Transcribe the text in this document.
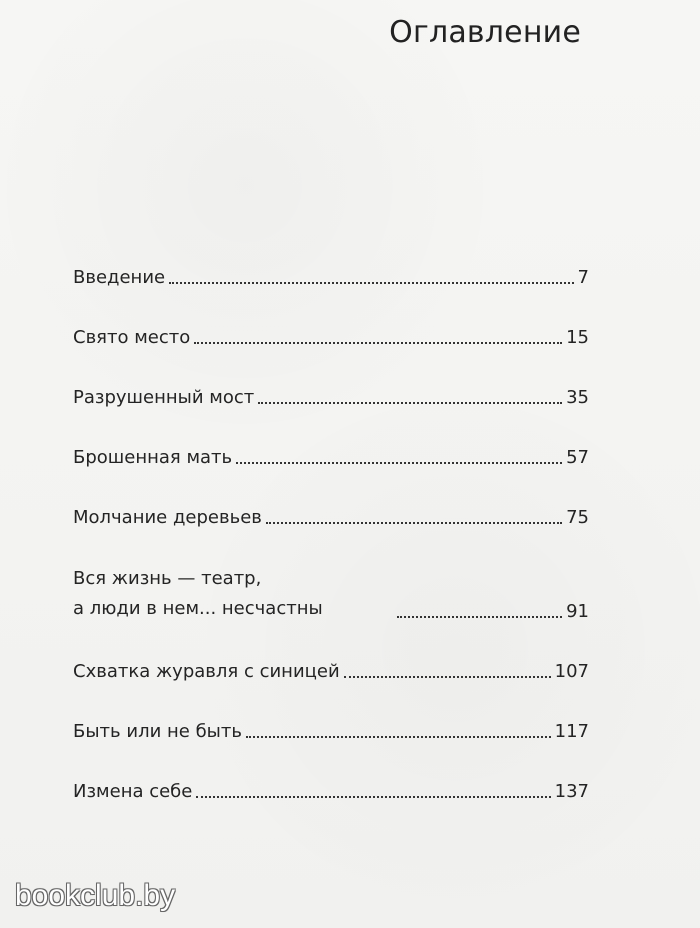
Оглавление
Введение	7
Свято место	15
Разрушенный мост	35
Брошенная мать	57
Молчание деревьев	75
Вся жизнь — театр,
а люди в нем... несчастны	91
Схватка журавля с синицей	107
Быть или не быть	117
Измена себе	137
bookclub.by
